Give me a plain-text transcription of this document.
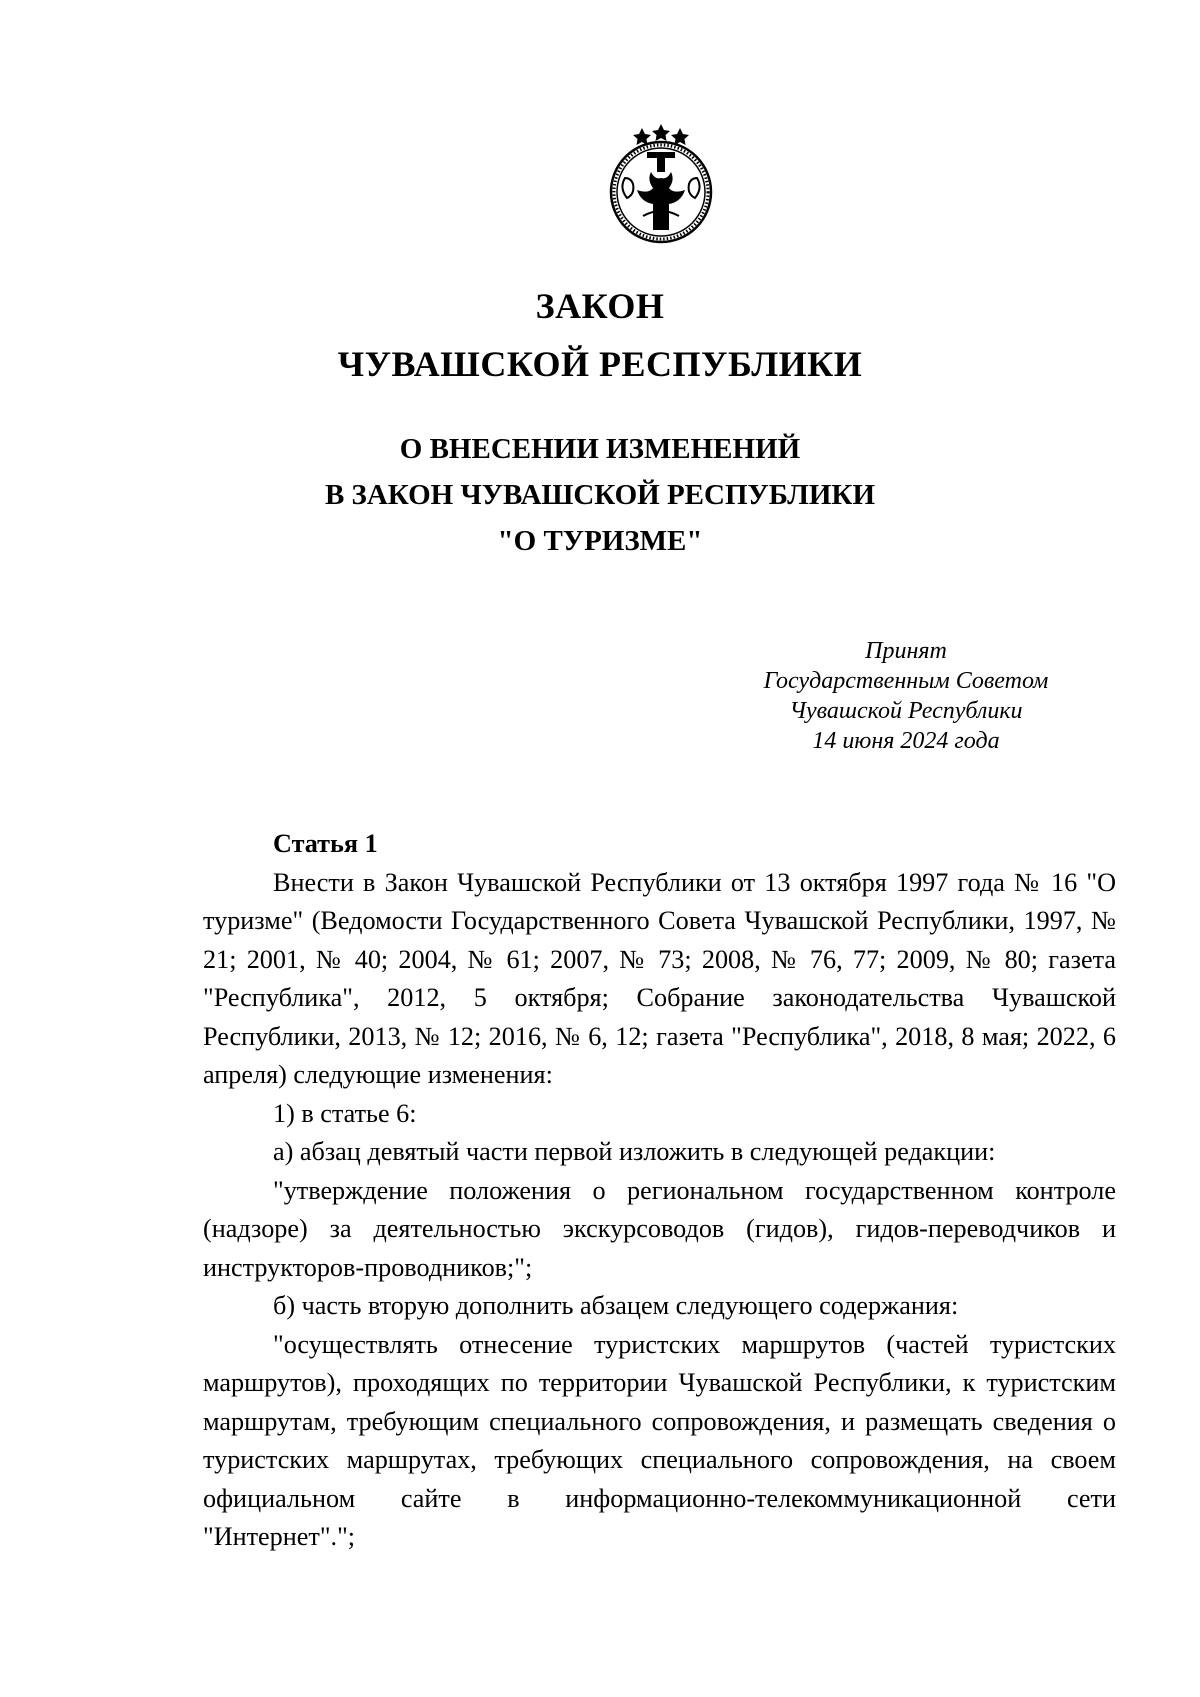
ЗАКОН
ЧУВАШСКОЙ РЕСПУБЛИКИ
О ВНЕСЕНИИ ИЗМЕНЕНИЙ
В ЗАКОН ЧУВАШСКОЙ РЕСПУБЛИКИ
"О ТУРИЗМЕ"
Принят
Государственным Советом
Чувашской Республики
14 июня 2024 года

Статья 1

Внести в Закон Чувашской Республики от 13 октября 1997 года № 16 "О туризме" (Ведомости Государственного Совета Чувашской Республики, 1997, № 21; 2001, № 40; 2004, № 61; 2007, № 73; 2008, № 76, 77; 2009, № 80; газета "Республика", 2012, 5 октября; Собрание законодательства Чувашской Республики, 2013, № 12; 2016, № 6, 12; газета "Республика", 2018, 8 мая; 2022, 6 апреля) следующие изменения:

1) в статье 6:

а) абзац девятый части первой изложить в следующей редакции:

"утверждение положения о региональном государственном контроле (надзоре) за деятельностью экскурсоводов (гидов), гидов-переводчиков и инструкторов-проводников;";

б) часть вторую дополнить абзацем следующего содержания:

"осуществлять отнесение туристских маршрутов (частей туристских маршрутов), проходящих по территории Чувашской Республики, к туристским маршрутам, требующим специального сопровождения, и размещать сведения о туристских маршрутах, требующих специального сопровождения, на своем официальном сайте в информационно-телекоммуникационной сети "Интернет".";
